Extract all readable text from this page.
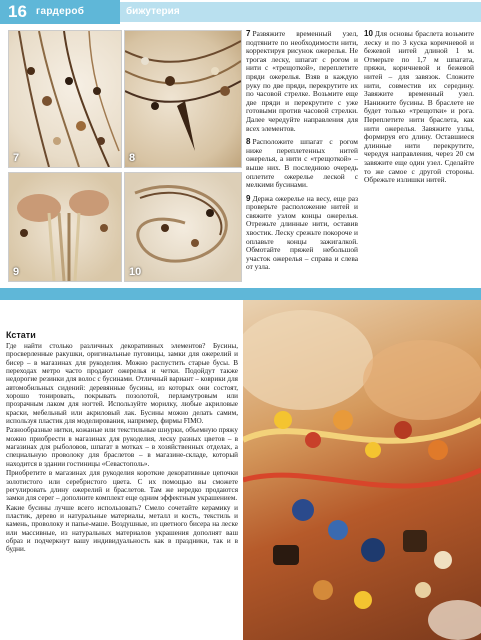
16 гардероб	бижутерия
7	8
9	10

7 Развяжите временный узел, подтяните по необходимости нити, корректируя рисунок ожерелья. Не трогая леску, шпагат с рогом и нити с «трещоткой», переплетите пряди ожерелья. Взяв в каждую руку по две пряди, перекрутите их по часовой стрелке. Возьмите еще две пряди и перекрутите с уже готовыми против часовой стрелки. Далее чередуйте направления для всех элементов.

8 Расположите шпагат с рогом ниже переплетенных нитей ожерелья, а нити с «трещоткой» – выше них. В последнюю очередь оплетите ожерелье леской с мелкими бусинами.

9 Держа ожерелье на весу, еще раз проверьте расположение нитей и свяжите узлом концы ожерелья. Отрежьте длинные нити, оставив хвостик. Леску срежьте покороче и оплавьте концы зажигалкой. Обмотайте пряжей небольшой участок ожерелья – справа и слева от узла.

10 Для основы браслета возьмите леску и по 3 куска коричневой и бежевой нитей длиной 1 м. Отмерьте по 1,7 м шпагата, пряжи, коричневой и бежевой нитей – для завязок. Сложите нити, совместив их середину. Завяжите временный узел. Нанижите бусины. В браслете не будет только «трещотки» и рога. Переплетите нити браслета, как нити ожерелья. Завяжите узлы, формируя его длину. Оставшиеся длинные нити перекрутите, чередуя направления, через 20 см завяжите еще один узел. Сделайте то же самое с другой стороны. Обрежьте излишки нитей.

Кстати

Где найти столько различных декоративных элементов? Бусины, просверленные ракушки, оригинальные пуговицы, замки для ожерелий и бисер – в магазинах для рукоделия. Можно распустить старые бусы. В переходах метро часто продают ожерелья и четки. Подойдут также недорогие резинки для волос с бусинами. Отличный вариант – коврики для автомобильных сидений: деревянные бусины, из которых они состоят, хорошо тонировать, покрывать позолотой, перламутровым или прозрачным лаком для ногтей. Используйте морилку, любые акриловые краски, мебельный или акриловый лак. Бусины можно делать самим, используя пластик для моделирования, например, фирмы FIMO.

Разнообразные нитки, кожаные или текстильные шнурки, объемную пряжу можно приобрести в магазинах для рукоделия, леску разных цветов – в магазинах для рыболовов, шпагат в мотках – в хозяйственных отделах, а специальную проволоку для браслетов – в магазине-складе, который находится в здании гостиницы «Севастополь».

Приобретите в магазинах для рукоделия короткие декоративные цепочки золотистого или серебристого цвета. С их помощью вы сможете регулировать длину ожерелий и браслетов. Там же нередко продаются замки для серег – дополните комплект еще одним эффектным украшением.

Какие бусины лучше всего использовать? Смело сочетайте керамику и пластик, дерево и натуральные материалы, металл и кость, текстиль и камень, проволоку и папье-маше. Воздушные, из цветного бисера на леске или массивные, из натуральных материалов украшения дополнят ваш образ и подчеркнут вашу индивидуальность как в праздники, так и в будни.
